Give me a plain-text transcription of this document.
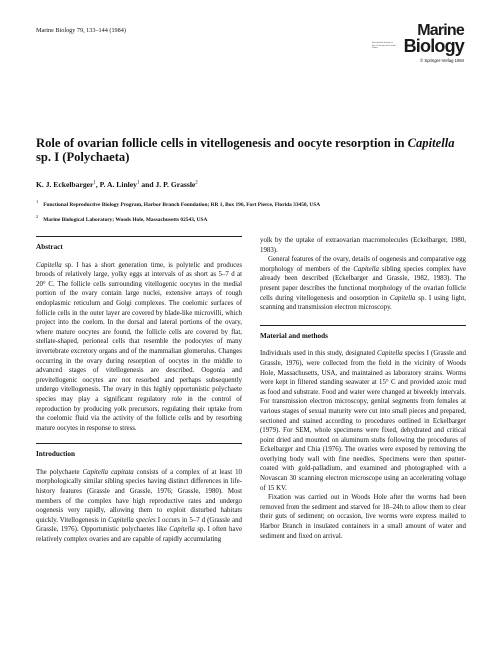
Marine Biology 79, 133–144 (1984)
International Journal on Life in Oceans and Coastal Waters
Marine
Biology
© Springer-Verlag 1984
Role of ovarian follicle cells in vitellogenesis and oocyte resorption in Capitella sp. I (Polychaeta)
K. J. Eckelbarger$^1$, P. A. Linley$^1$ and J. P. Grassle$^2$
$^1$Functional Reproductive Biology Program, Harbor Branch Foundation; RR 1, Box 196, Fort Pierce, Florida 33450, USA
$^2$Marine Biological Laboratory; Woods Hole, Massachusetts 02543, USA
Abstract

Capitella sp. I has a short generation time, is polytelic and produces broods of relatively large, yolky eggs at intervals of as short as 5–7 d at 20° C. The follicle cells surrounding vitellogenic oocytes in the medial portion of the ovary contain large nuclei, extensive arrays of rough endoplasmic reticulum and Golgi complexes. The coelomic surfaces of follicle cells in the outer layer are covered by blade-like microvilli, which project into the coelom. In the dorsal and lateral portions of the ovary, where mature oocytes are found, the follicle cells are covered by flat, stellate-shaped, perioneal cells that resemble the podocytes of many invertebrate excretory organs and of the mammalian glomerulus. Changes occurring in the ovary during resorption of oocytes in the middle to advanced stages of vitellogenesis are described. Oogonia and previtellogenic oocytes are not resorbed and perhaps subsequently undergo vitellogenesis. The ovary in this highly opportunistic polychaete species may play a significant regulatory role in the control of reproduction by producing yolk precursors, regulating their uptake from the coelomic fluid via the activity of the follicle cells and by resorbing mature oocytes in response to stress.

Introduction

The polychaete Capitella capitata consists of a complex of at least 10 morphologically similar sibling species having distinct differences in life-history features (Grassle and Grassle, 1976; Grassle, 1980). Most members of the complex have high reproductive rates and undergo oogenesis very rapidly, allowing them to exploit disturbed habitats quickly. Vitellogenesis in Capitella species I occurs in 5–7 d (Grassle and Grassle, 1976). Opportunistic polychaetes like Capitella sp. I often have relatively complex ovaries and are capable of rapidly accumulating

yolk by the uptake of extraovarian macromolecules (Eckelbarger, 1980, 1983).

General features of the ovary, details of oogenesis and comparative egg morphology of members of the Capitella sibling species complex have already been described (Eckelbarger and Grassle, 1982, 1983). The present paper describes the functional morphology of the ovarian follicle cells during vitellogenesis and oosorption in Capitella sp. I using light, scanning and transmission electron microscopy.

Material and methods

Individuals used in this study, designated Capitella species I (Grassle and Grassle, 1976), were collected from the field in the vicinity of Woods Hole, Massachusetts, USA, and maintained as laboratory strains. Worms were kept in filtered standing seawater at 15° C and provided azoic mud as food and substrate. Food and water were changed at biweekly intervals. For transmission electron microscopy, genital segments from females at various stages of sexual maturity were cut into small pieces and prepared, sectioned and stained according to procedures outlined in Eckelbarger (1979). For SEM, whole specimens were fixed, dehydrated and critical point dried and mounted on aluminum stubs following the procedures of Eckelbarger and Chia (1976). The ovaries were exposed by removing the overlying body wall with fine needles. Specimens were then sputter-coated with gold-palladium, and examined and photographed with a Novascan 30 scanning electron microscope using an accelerating voltage of 15 KV.

Fixation was carried out in Woods Hole after the worms had been removed from the sediment and starved for 18–24h to allow them to clear their guts of sediment; on occasion, live worms were express mailed to Harbor Branch in insulated containers in a small amount of water and sediment and fixed on arrival.
